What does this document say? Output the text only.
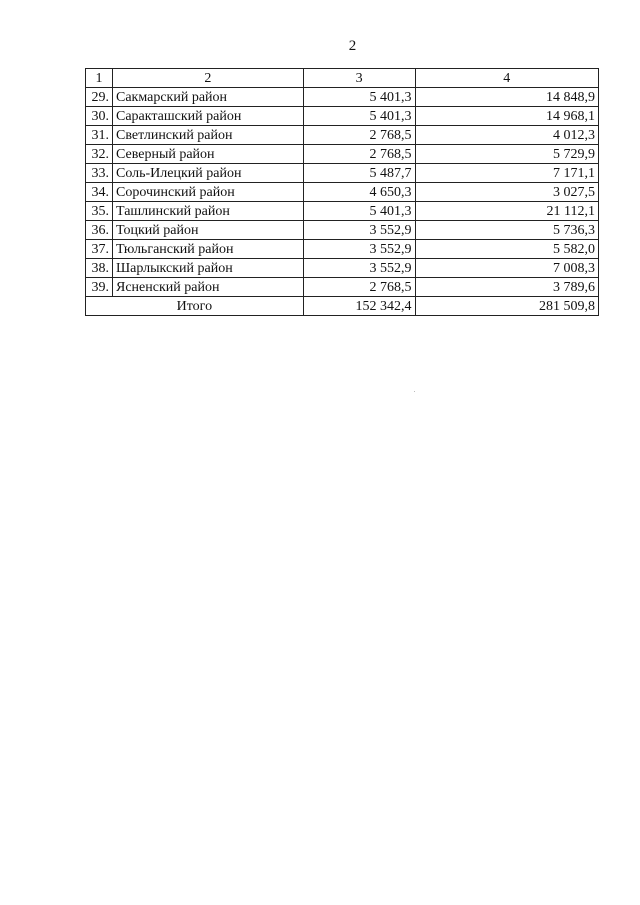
2
1	2	3	4
29.	Сакмарский район	5 401,3	14 848,9
30.	Саракташский район	5 401,3	14 968,1
31.	Светлинский район	2 768,5	4 012,3
32.	Северный район	2 768,5	5 729,9
33.	Соль-Илецкий район	5 487,7	7 171,1
34.	Сорочинский район	4 650,3	3 027,5
35.	Ташлинский район	5 401,3	21 112,1
36.	Тоцкий район	3 552,9	5 736,3
37.	Тюльганский район	3 552,9	5 582,0
38.	Шарлыкский район	3 552,9	7 008,3
39.	Ясненский район	2 768,5	3 789,6
Итого		152 342,4	281 509,8
